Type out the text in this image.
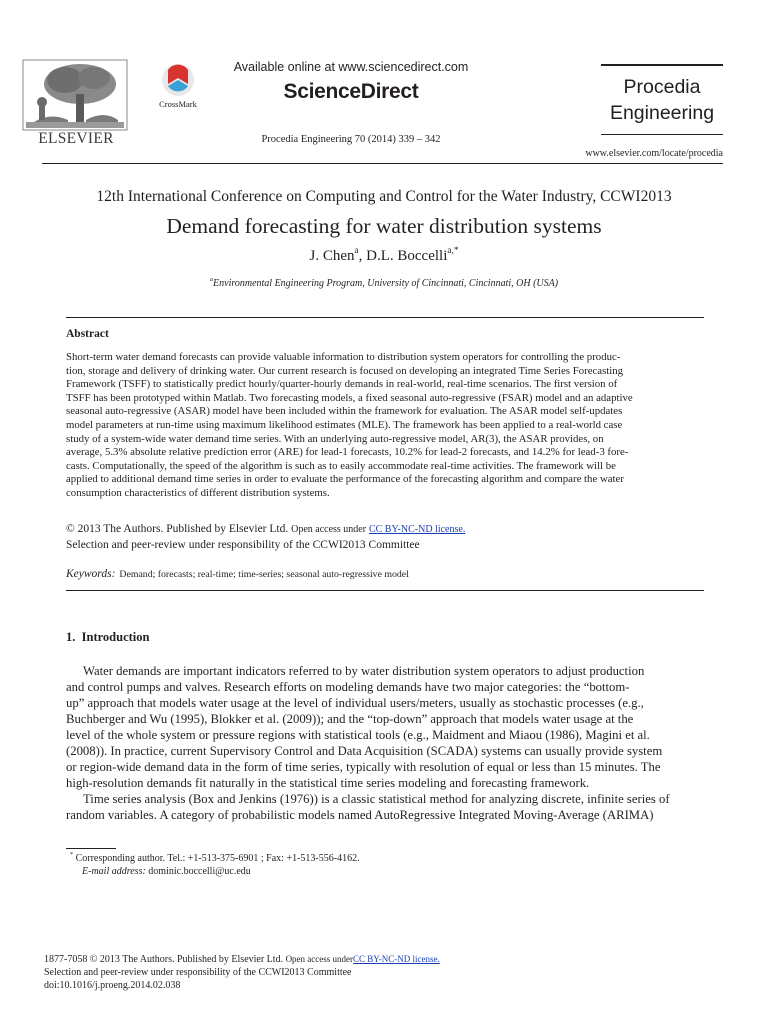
ELSEVIER
CrossMark
Available online at www.sciencedirect.com
ScienceDirect
Procedia Engineering 70 (2014) 339 – 342
Procedia
Engineering
www.elsevier.com/locate/procedia
12th International Conference on Computing and Control for the Water Industry, CCWI2013
Demand forecasting for water distribution systems
J. Chen$^a$, D.L. Boccelli$^{a,*}$
$^a$Environmental Engineering Program, University of Cincinnati, Cincinnati, OH (USA)
Abstract
Short-term water demand forecasts can provide valuable information to distribution system operators for controlling the produc-
tion, storage and delivery of drinking water. Our current research is focused on developing an integrated Time Series Forecasting
Framework (TSFF) to statistically predict hourly/quarter-hourly demands in real-world, real-time scenarios. The first version of
TSFF has been prototyped within Matlab. Two forecasting models, a fixed seasonal auto-regressive (FSAR) model and an adaptive
seasonal auto-regressive (ASAR) model have been included within the framework for evaluation. The ASAR model self-updates
model parameters at run-time using maximum likelihood estimates (MLE). The framework has been applied to a real-world case
study of a system-wide water demand time series. With an underlying auto-regressive model, AR(3), the ASAR provides, on
average, 5.3% absolute relative prediction error (ARE) for lead-1 forecasts, 10.2% for lead-2 forecasts, and 14.2% for lead-3 fore-
casts. Computationally, the speed of the algorithm is such as to easily accommodate real-time activities. The framework will be
applied to additional demand time series in order to evaluate the performance of the forecasting algorithm and compare the water
consumption characteristics of different distribution systems.
© 2013 The Authors. Published by Elsevier Ltd. Open access under CC BY-NC-ND license.
Selection and peer-review under responsibility of the CCWI2013 Committee
Keywords: Demand; forecasts; real-time; time-series; seasonal auto-regressive model
1.  Introduction
Water demands are important indicators referred to by water distribution system operators to adjust production
and control pumps and valves. Research efforts on modeling demands have two major categories: the “bottom-
up” approach that models water usage at the level of individual users/meters, usually as stochastic processes (e.g.,
Buchberger and Wu (1995), Blokker et al. (2009)); and the “top-down” approach that models water usage at the
level of the whole system or pressure regions with statistical tools (e.g., Maidment and Miaou (1986), Magini et al.
(2008)). In practice, current Supervisory Control and Data Acquisition (SCADA) systems can usually provide system
or region-wide demand data in the form of time series, typically with resolution of equal or less than 15 minutes. The
high-resolution demands fit naturally in the statistical time series modeling and forecasting framework.
Time series analysis (Box and Jenkins (1976)) is a classic statistical method for analyzing discrete, infinite series of
random variables. A category of probabilistic models named AutoRegressive Integrated Moving-Average (ARIMA)
* Corresponding author. Tel.: +1-513-375-6901 ; Fax: +1-513-556-4162.
E-mail address: dominic.boccelli@uc.edu
1877-7058 © 2013 The Authors. Published by Elsevier Ltd. Open access underCC BY-NC-ND license.
Selection and peer-review under responsibility of the CCWI2013 Committee
doi:10.1016/j.proeng.2014.02.038
